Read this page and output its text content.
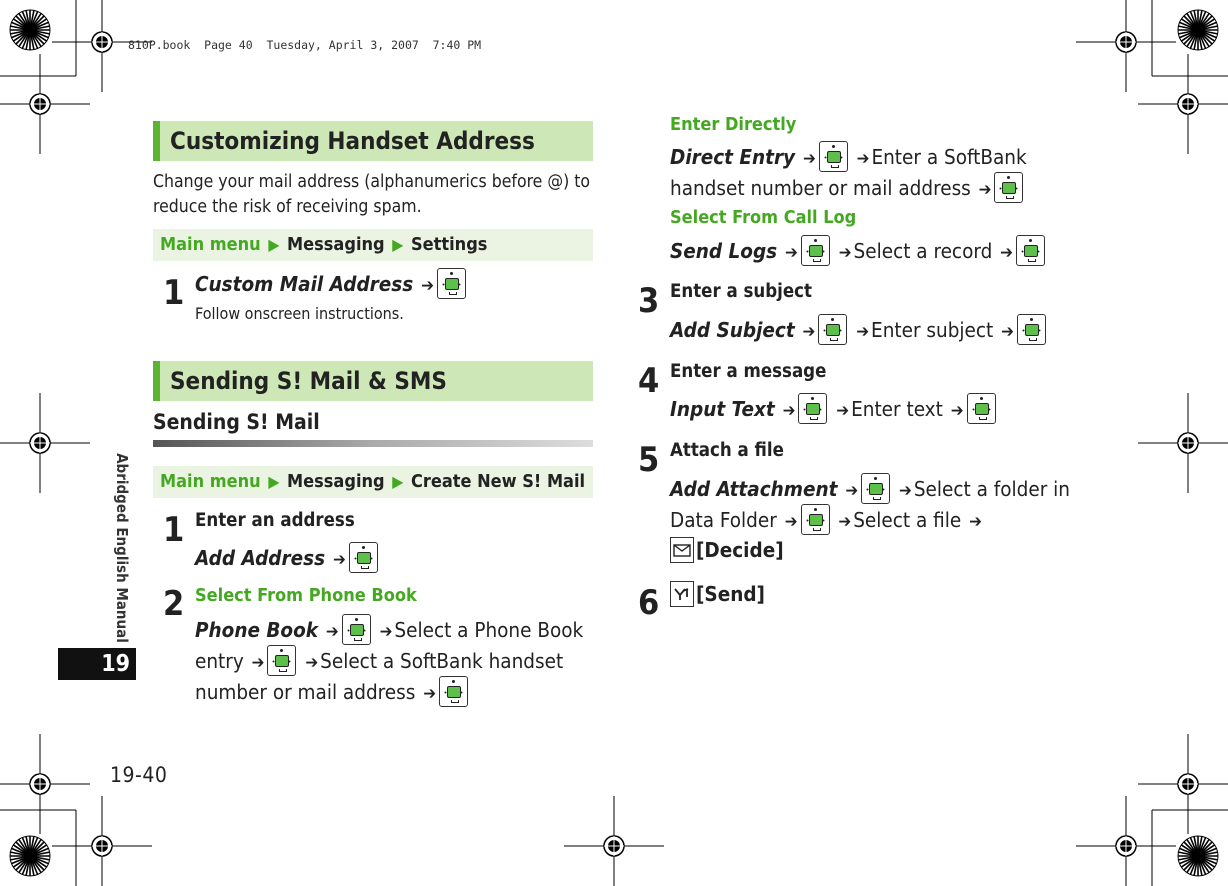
810P.book  Page 40  Tuesday, April 3, 2007  7:40 PM
Abridged English Manual
19
19-40
Customizing Handset Address
Change your mail address (alphanumerics before @) to
reduce the risk of receiving spam.
Main menu ▶ Messaging ▶ Settings
1 Custom Mail Address ➔
Follow onscreen instructions.
Sending S! Mail & SMS
Sending S! Mail
Main menu ▶ Messaging ▶ Create New S! Mail
1 Enter an address
Add Address ➔
2 Select From Phone Book
Phone Book ➔ ➔Select a Phone Book
entry ➔ ➔Select a SoftBank handset
number or mail address ➔
Enter Directly
Direct Entry ➔ ➔Enter a SoftBank
handset number or mail address ➔
Select From Call Log
Send Logs ➔ ➔Select a record ➔
3 Enter a subject
Add Subject ➔ ➔Enter subject ➔
4 Enter a message
Input Text ➔ ➔Enter text ➔
5 Attach a file
Add Attachment ➔ ➔Select a folder in
Data Folder ➔ ➔Select a file ➔
[Decide]
6	[Send]
